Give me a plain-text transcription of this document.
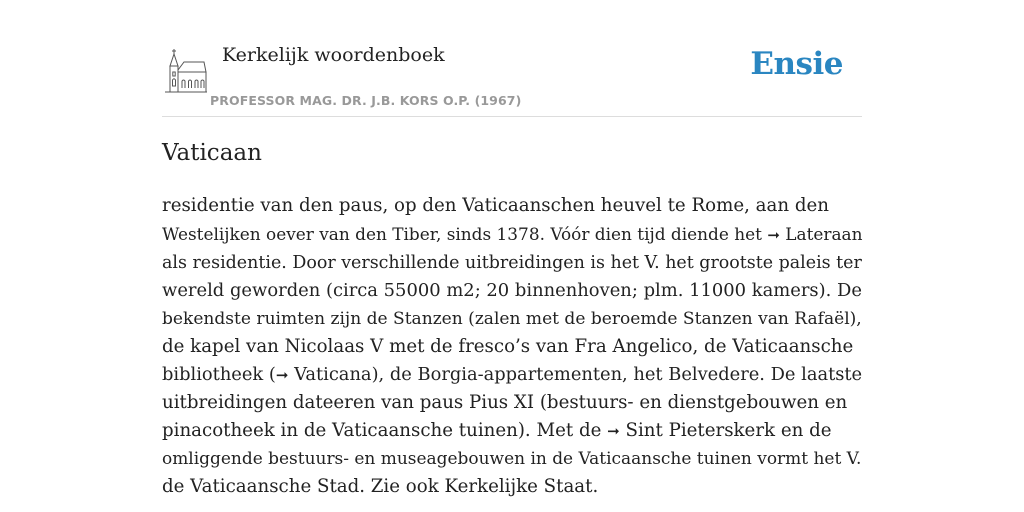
Kerkelijk woordenboek
PROFESSOR MAG. DR. J.B. KORS O.P. (1967)
Ensie
Vaticaan
residentie van den paus, op den Vaticaanschen heuvel te Rome, aan den
Westelijken oever van den Tiber, sinds 1378. Vóór dien tijd diende het ➞ Lateraan
als residentie. Door verschillende uitbreidingen is het V. het grootste paleis ter
wereld geworden (circa 55000 m2; 20 binnenhoven; plm. 11000 kamers). De
bekendste ruimten zijn de Stanzen (zalen met de beroemde Stanzen van Rafaël),
de kapel van Nicolaas V met de fresco’s van Fra Angelico, de Vaticaansche
bibliotheek (➞ Vaticana), de Borgia-appartementen, het Belvedere. De laatste
uitbreidingen dateeren van paus Pius XI (bestuurs- en dienstgebouwen en
pinacotheek in de Vaticaansche tuinen). Met de ➞ Sint Pieterskerk en de
omliggende bestuurs- en museagebouwen in de Vaticaansche tuinen vormt het V.
de Vaticaansche Stad. Zie ook Kerkelijke Staat.
